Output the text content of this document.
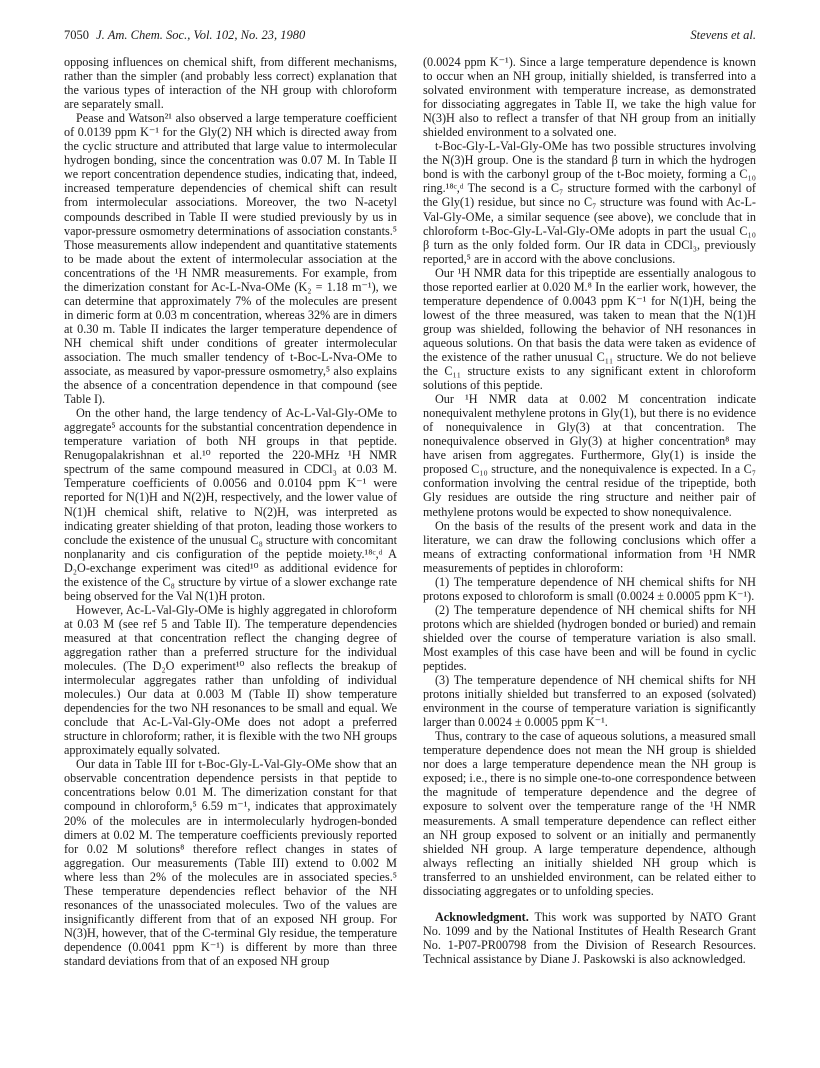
7050 J. Am. Chem. Soc., Vol. 102, No. 23, 1980	Stevens et al.

opposing influences on chemical shift, from different mechanisms, rather than the simpler (and probably less correct) explanation that the various types of interaction of the NH group with chloroform are separately small.

Pease and Watson²¹ also observed a large temperature coefficient of 0.0139 ppm K⁻¹ for the Gly(2) NH which is directed away from the cyclic structure and attributed that large value to intermolecular hydrogen bonding, since the concentration was 0.07 M. In Table II we report concentration dependence studies, indicating that, indeed, increased temperature dependencies of chemical shift can result from intermolecular associations. Moreover, the two N-acetyl compounds described in Table II were studied previously by us in vapor-pressure osmometry determinations of association constants.⁵ Those measurements allow independent and quantitative statements to be made about the extent of intermolecular association at the concentrations of the ¹H NMR measurements. For example, from the dimerization constant for Ac-L-Nva-OMe (K₂ = 1.18 m⁻¹), we can determine that approximately 7% of the molecules are present in dimeric form at 0.03 m concentration, whereas 32% are in dimers at 0.30 m. Table II indicates the larger temperature dependence of NH chemical shift under conditions of greater intermolecular association. The much smaller tendency of t-Boc-L-Nva-OMe to associate, as measured by vapor-pressure osmometry,⁵ also explains the absence of a concentration dependence in that compound (see Table I).

On the other hand, the large tendency of Ac-L-Val-Gly-OMe to aggregate⁵ accounts for the substantial concentration dependence in temperature variation of both NH groups in that peptide. Renugopalakrishnan et al.¹⁰ reported the 220-MHz ¹H NMR spectrum of the same compound measured in CDCl₃ at 0.03 M. Temperature coefficients of 0.0056 and 0.0104 ppm K⁻¹ were reported for N(1)H and N(2)H, respectively, and the lower value of N(1)H chemical shift, relative to N(2)H, was interpreted as indicating greater shielding of that proton, leading those workers to conclude the existence of the unusual C₈ structure with concomitant nonplanarity and cis configuration of the peptide moiety.¹⁸ᶜ,ᵈ A D₂O-exchange experiment was cited¹⁰ as additional evidence for the existence of the C₈ structure by virtue of a slower exchange rate being observed for the Val N(1)H proton.

However, Ac-L-Val-Gly-OMe is highly aggregated in chloroform at 0.03 M (see ref 5 and Table II). The temperature dependencies measured at that concentration reflect the changing degree of aggregation rather than a preferred structure for the individual molecules. (The D₂O experiment¹⁰ also reflects the breakup of intermolecular aggregates rather than unfolding of individual molecules.) Our data at 0.003 M (Table II) show temperature dependencies for the two NH resonances to be small and equal. We conclude that Ac-L-Val-Gly-OMe does not adopt a preferred structure in chloroform; rather, it is flexible with the two NH groups approximately equally solvated.

Our data in Table III for t-Boc-Gly-L-Val-Gly-OMe show that an observable concentration dependence persists in that peptide to concentrations below 0.01 M. The dimerization constant for that compound in chloroform,⁵ 6.59 m⁻¹, indicates that approximately 20% of the molecules are in intermolecularly hydrogen-bonded dimers at 0.02 M. The temperature coefficients previously reported for 0.02 M solutions⁸ therefore reflect changes in states of aggregation. Our measurements (Table III) extend to 0.002 M where less than 2% of the molecules are in associated species.⁵ These temperature dependencies reflect behavior of the NH resonances of the unassociated molecules. Two of the values are insignificantly different from that of an exposed NH group. For N(3)H, however, that of the C-terminal Gly residue, the temperature dependence (0.0041 ppm K⁻¹) is different by more than three standard deviations from that of an exposed NH group

(0.0024 ppm K⁻¹). Since a large temperature dependence is known to occur when an NH group, initially shielded, is transferred into a solvated environment with temperature increase, as demonstrated for dissociating aggregates in Table II, we take the high value for N(3)H also to reflect a transfer of that NH group from an initially shielded environment to a solvated one.

t-Boc-Gly-L-Val-Gly-OMe has two possible structures involving the N(3)H group. One is the standard β turn in which the hydrogen bond is with the carbonyl group of the t-Boc moiety, forming a C₁₀ ring.¹⁸ᶜ,ᵈ The second is a C₇ structure formed with the carbonyl of the Gly(1) residue, but since no C₇ structure was found with Ac-L-Val-Gly-OMe, a similar sequence (see above), we conclude that in chloroform t-Boc-Gly-L-Val-Gly-OMe adopts in part the usual C₁₀ β turn as the only folded form. Our IR data in CDCl₃, previously reported,⁵ are in accord with the above conclusions.

Our ¹H NMR data for this tripeptide are essentially analogous to those reported earlier at 0.020 M.⁸ In the earlier work, however, the temperature dependence of 0.0043 ppm K⁻¹ for N(1)H, being the lowest of the three measured, was taken to mean that the N(1)H group was shielded, following the behavior of NH resonances in aqueous solutions. On that basis the data were taken as evidence of the existence of the rather unusual C₁₁ structure. We do not believe the C₁₁ structure exists to any significant extent in chloroform solutions of this peptide.

Our ¹H NMR data at 0.002 M concentration indicate nonequivalent methylene protons in Gly(1), but there is no evidence of nonequivalence in Gly(3) at that concentration. The nonequivalence observed in Gly(3) at higher concentration⁸ may have arisen from aggregates. Furthermore, Gly(1) is inside the proposed C₁₀ structure, and the nonequivalence is expected. In a C₇ conformation involving the central residue of the tripeptide, both Gly residues are outside the ring structure and neither pair of methylene protons would be expected to show nonequivalence.

On the basis of the results of the present work and data in the literature, we can draw the following conclusions which offer a means of extracting conformational information from ¹H NMR measurements of peptides in chloroform:

(1) The temperature dependence of NH chemical shifts for NH protons exposed to chloroform is small (0.0024 ± 0.0005 ppm K⁻¹).

(2) The temperature dependence of NH chemical shifts for NH protons which are shielded (hydrogen bonded or buried) and remain shielded over the course of temperature variation is also small. Most examples of this case have been and will be found in cyclic peptides.

(3) The temperature dependence of NH chemical shifts for NH protons initially shielded but transferred to an exposed (solvated) environment in the course of temperature variation is significantly larger than 0.0024 ± 0.0005 ppm K⁻¹.

Thus, contrary to the case of aqueous solutions, a measured small temperature dependence does not mean the NH group is shielded nor does a large temperature dependence mean the NH group is exposed; i.e., there is no simple one-to-one correspondence between the magnitude of temperature dependence and the degree of exposure to solvent over the temperature range of the ¹H NMR measurements. A small temperature dependence can reflect either an NH group exposed to solvent or an initially and permanently shielded NH group. A large temperature dependence, although always reflecting an initially shielded NH group which is transferred to an unshielded environment, can be related either to dissociating aggregates or to unfolding species.

Acknowledgment. This work was supported by NATO Grant No. 1099 and by the National Institutes of Health Research Grant No. 1-P07-PR00798 from the Division of Research Resources. Technical assistance by Diane J. Paskowski is also acknowledged.
